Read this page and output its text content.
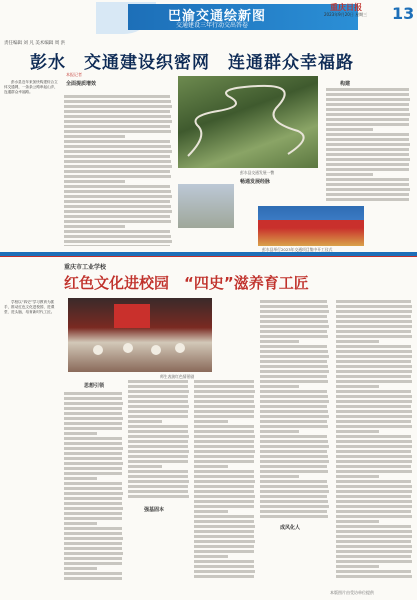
巴渝交通绘新图
交通建设三年行动交出答卷
重庆日报
2023年9月20日 星期三 13
责任编辑 刘 凡 美术编辑 周 洪
彭水　交通建设织密网　连通群众幸福路

彭水县近年来加快构建综合立体交通网，一条条公路串起山乡，连通群众幸福路。

全面提质增效
本报记者

彭水县交通发展一瞥
畅通发展经脉
构建
彭水县举行2023年交通项目集中开工仪式
重庆市工业学校
红色文化进校园　“四史”滋养育工匠

学校以“四史”学习教育为抓手，推动红色文化进校园、进课堂、进头脑，培育新时代工匠。

师生表演红色情景剧
思想引领
强基固本
成风化人
本版图片由受访单位提供
